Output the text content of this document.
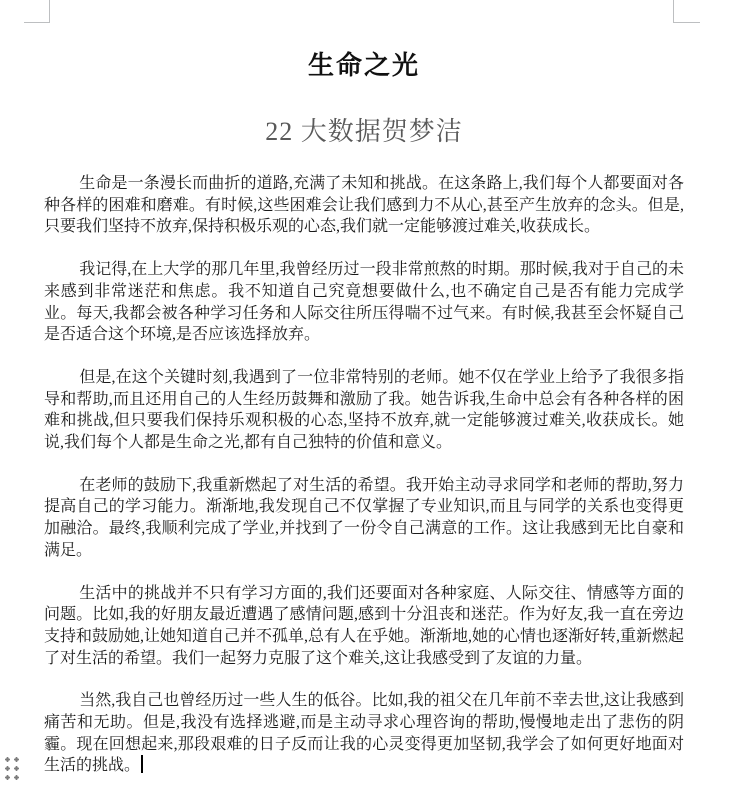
生命之光
22 大数据贺梦洁

生命是一条漫长而曲折的道路,充满了未知和挑战。在这条路上,我们每个人都要面对各种各样的困难和磨难。有时候,这些困难会让我们感到力不从心,甚至产生放弃的念头。但是,只要我们坚持不放弃,保持积极乐观的心态,我们就一定能够渡过难关,收获成长。

我记得,在上大学的那几年里,我曾经历过一段非常煎熬的时期。那时候,我对于自己的未来感到非常迷茫和焦虑。我不知道自己究竟想要做什么,也不确定自己是否有能力完成学业。每天,我都会被各种学习任务和人际交往所压得喘不过气来。有时候,我甚至会怀疑自己是否适合这个环境,是否应该选择放弃。

但是,在这个关键时刻,我遇到了一位非常特别的老师。她不仅在学业上给予了我很多指导和帮助,而且还用自己的人生经历鼓舞和激励了我。她告诉我,生命中总会有各种各样的困难和挑战,但只要我们保持乐观积极的心态,坚持不放弃,就一定能够渡过难关,收获成长。她说,我们每个人都是生命之光,都有自己独特的价值和意义。

在老师的鼓励下,我重新燃起了对生活的希望。我开始主动寻求同学和老师的帮助,努力提高自己的学习能力。渐渐地,我发现自己不仅掌握了专业知识,而且与同学的关系也变得更加融洽。最终,我顺利完成了学业,并找到了一份令自己满意的工作。这让我感到无比自豪和满足。

生活中的挑战并不只有学习方面的,我们还要面对各种家庭、人际交往、情感等方面的问题。比如,我的好朋友最近遭遇了感情问题,感到十分沮丧和迷茫。作为好友,我一直在旁边支持和鼓励她,让她知道自己并不孤单,总有人在乎她。渐渐地,她的心情也逐渐好转,重新燃起了对生活的希望。我们一起努力克服了这个难关,这让我感受到了友谊的力量。

当然,我自己也曾经历过一些人生的低谷。比如,我的祖父在几年前不幸去世,这让我感到痛苦和无助。但是,我没有选择逃避,而是主动寻求心理咨询的帮助,慢慢地走出了悲伤的阴霾。现在回想起来,那段艰难的日子反而让我的心灵变得更加坚韧,我学会了如何更好地面对生活的挑战。
